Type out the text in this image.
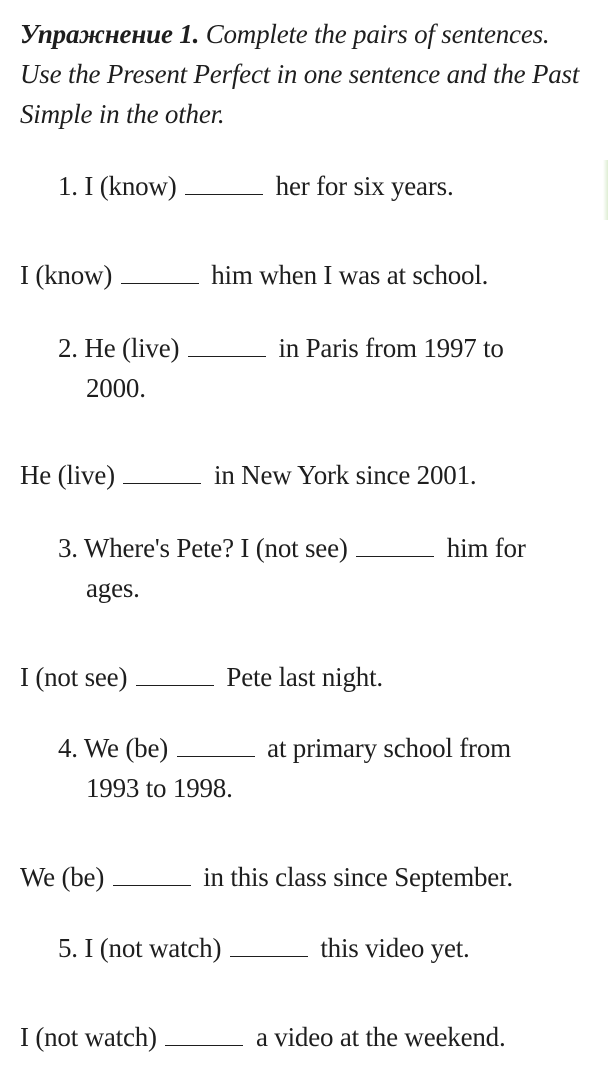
Упражнение 1. Complete the pairs of sentences. Use the Present Perfect in one sentence and the Past Simple in the other.
1. I (know)	her for six years.
I (know)	him when I was at school.
2. He (live)	in Paris from 1997 to
2000.
He (live)	in New York since 2001.
3. Where's Pete? I (not see)	him for
ages.
I (not see)	Pete last night.
4. We (be)	at primary school from
1993 to 1998.
We (be)	in this class since September.
5. I (not watch)	this video yet.
I (not watch)	a video at the weekend.
